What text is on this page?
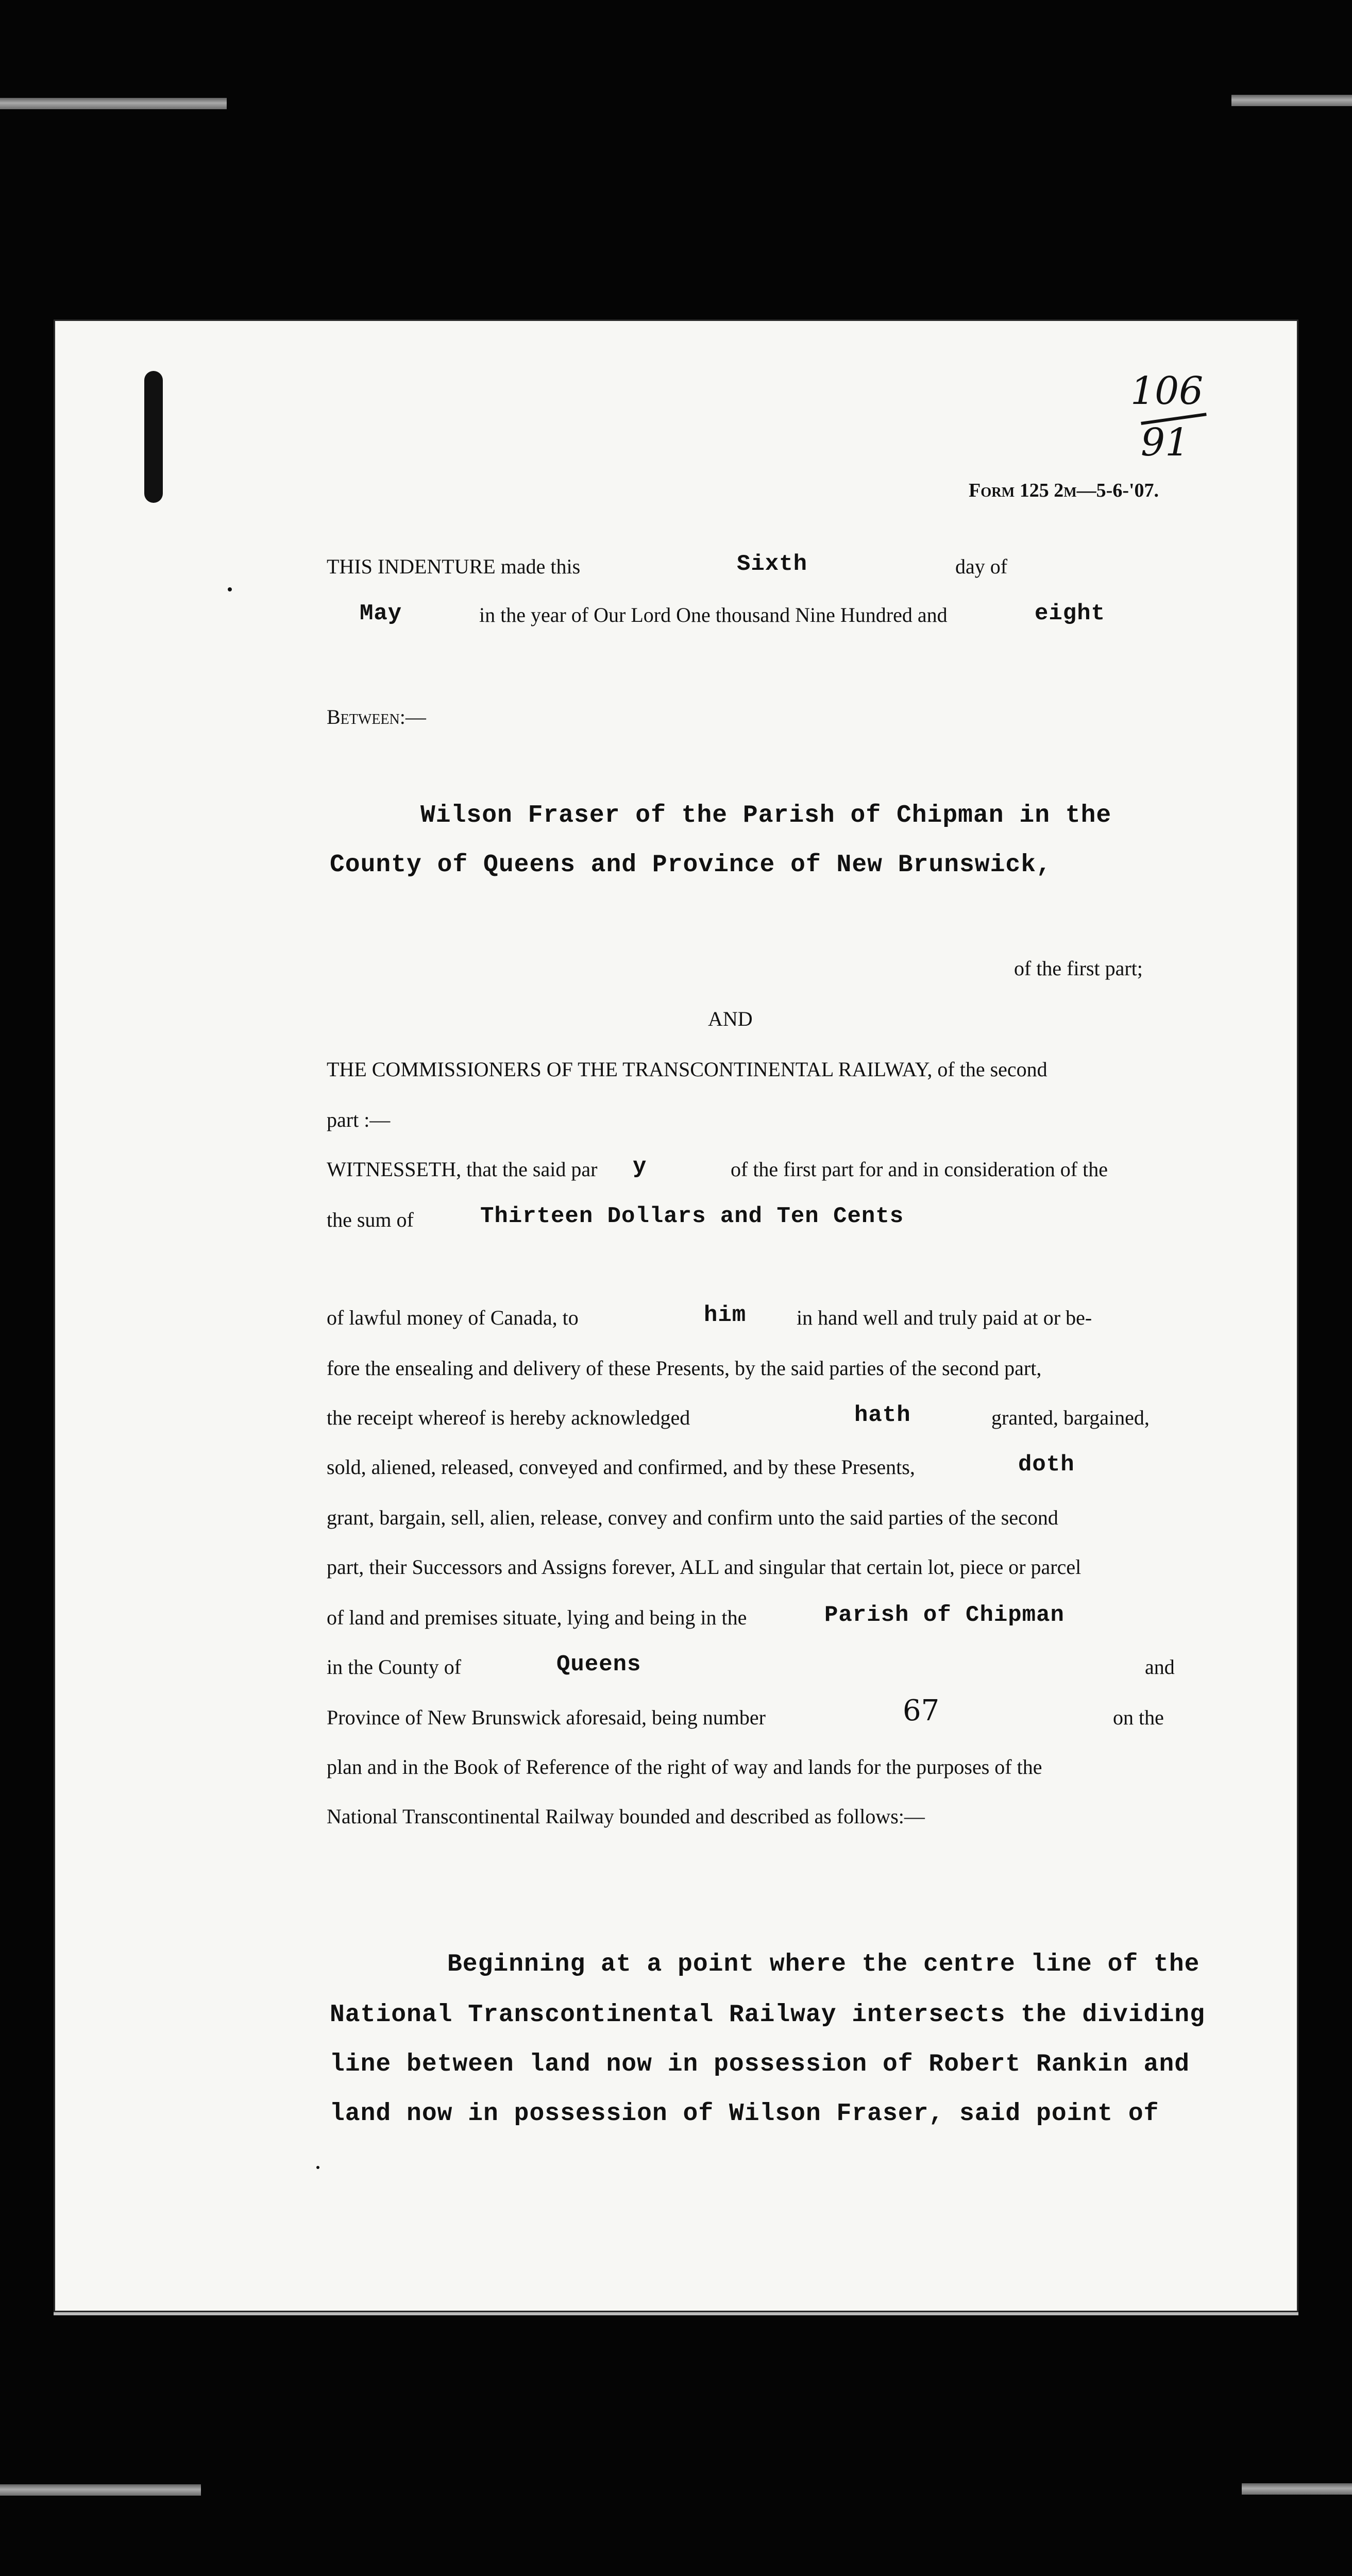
106
91
Form 125 2m—5-6-'07.
THIS INDENTURE made this	Sixth	day of
May	in the year of Our Lord One thousand Nine Hundred and	eight
Between:—
Wilson Fraser of the Parish of Chipman in the
County of Queens and Province of New Brunswick,
of the first part;
AND
THE COMMISSIONERS OF THE TRANSCONTINENTAL RAILWAY, of the second
part :—
WITNESSETH, that the said par y	of the first part for and in consideration of the
the sum of	Thirteen Dollars and Ten Cents
of lawful money of Canada, to	him in hand well and truly paid at or be-
fore the ensealing and delivery of these Presents, by the said parties of the second part,
the receipt whereof is hereby acknowledged	hath	granted, bargained,
sold, aliened, released, conveyed and confirmed, and by these Presents,	doth
grant, bargain, sell, alien, release, convey and confirm unto the said parties of the second
part, their Successors and Assigns forever, ALL and singular that certain lot, piece or parcel
of land and premises situate, lying and being in the	Parish of Chipman
in the County of	Queens	and
Province of New Brunswick aforesaid, being number	67	on the
plan and in the Book of Reference of the right of way and lands for the purposes of the
National Transcontinental Railway bounded and described as follows:—
Beginning at a point where the centre line of the
National Transcontinental Railway intersects the dividing
line between land now in possession of Robert Rankin and
land now in possession of Wilson Fraser, said point of
